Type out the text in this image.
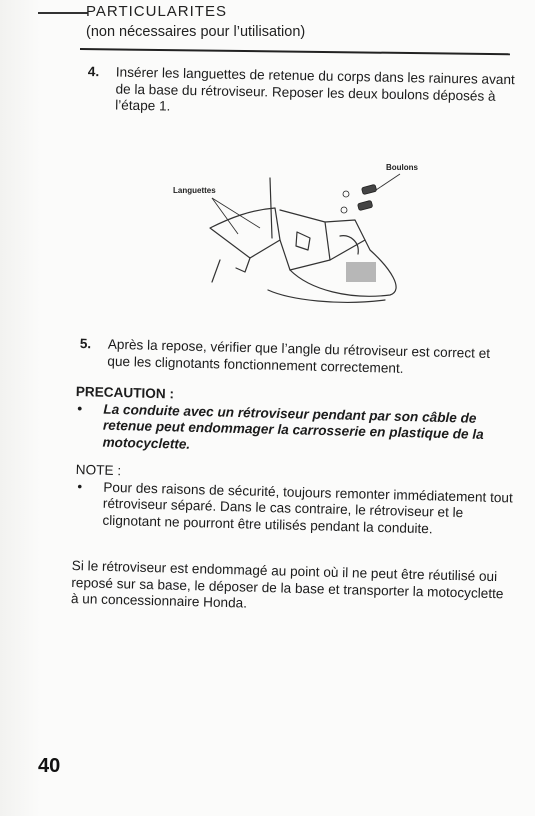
PARTICULARITES
(non nécessaires pour l’utilisation)
4.	Insérer les languettes de retenue du corps dans les rainures avant de la base du rétroviseur. Reposer les deux boulons déposés à l’étape 1.
Languettes
Boulons
5.	Après la repose, vérifier que l’angle du rétroviseur est correct et que les clignotants fonctionnement correctement.
PRECAUTION :
•	La conduite avec un rétroviseur pendant par son câble de retenue peut endommager la carrosserie en plastique de la motocyclette.
NOTE :
•	Pour des raisons de sécurité, toujours remonter immédiatement tout rétroviseur séparé. Dans le cas contraire, le rétroviseur et le clignotant ne pourront être utilisés pendant la conduite.
Si le rétroviseur est endommagé au point où il ne peut être réutilisé oui reposé sur sa base, le déposer de la base et transporter la motocyclette à un concessionnaire Honda.
40
